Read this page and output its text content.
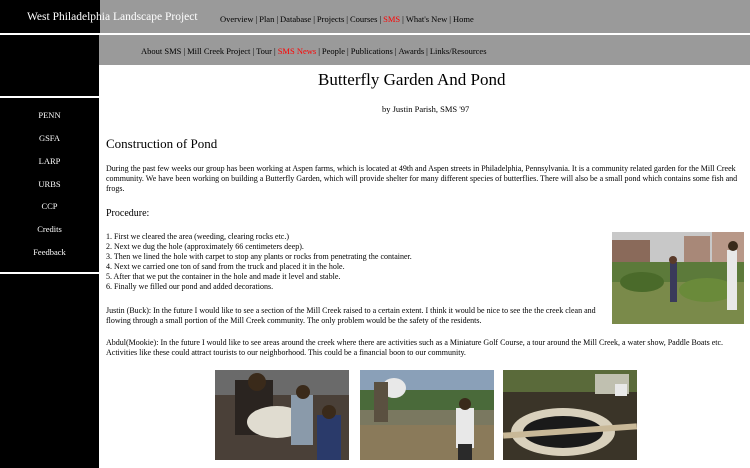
West Philadelphia Landscape Project	Overview | Plan | Database | Projects | Courses | SMS | What's New | Home
About SMS | Mill Creek Project | Tour | SMS News | People | Publications | Awards | Links/Resources
PENN
GSFA
LARP
URBS
CCP
Credits
Feedback
Butterfly Garden And Pond
by Justin Parish, SMS '97
Construction of Pond

During the past few weeks our group has been working at Aspen farms, which is located at 49th and Aspen streets in Philadelphia, Pennsylvania. It is a community related garden for the Mill Creek community. We have been working on building a Butterfly Garden, which will provide shelter for many different species of butterflies. There will also be a small pond which contains some fish and frogs.

Procedure:
1. First we cleared the area (weeding, clearing rocks etc.)
2. Next we dug the hole (approximately 66 centimeters deep).
3. Then we lined the hole with carpet to stop any plants or rocks from penetrating the container.
4. Next we carried one ton of sand from the truck and placed it in the hole.
5. After that we put the container in the hole and made it level and stable.
6. Finally we filled our pond and added decorations.

Justin (Buck): In the future I would like to see a section of the Mill Creek raised to a certain extent. I think it would be nice to see the the creek clean and flowing through a small portion of the Mill Creek community. The only problem would be the safety of the residents.

Abdul(Mookie): In the future I would like to see areas around the creek where there are activities such as a Miniature Golf Course, a tour around the Mill Creek, a water show, Paddle Boats etc. Activities like these could attract tourists to our neighborhood. This could be a financial boon to our community.
